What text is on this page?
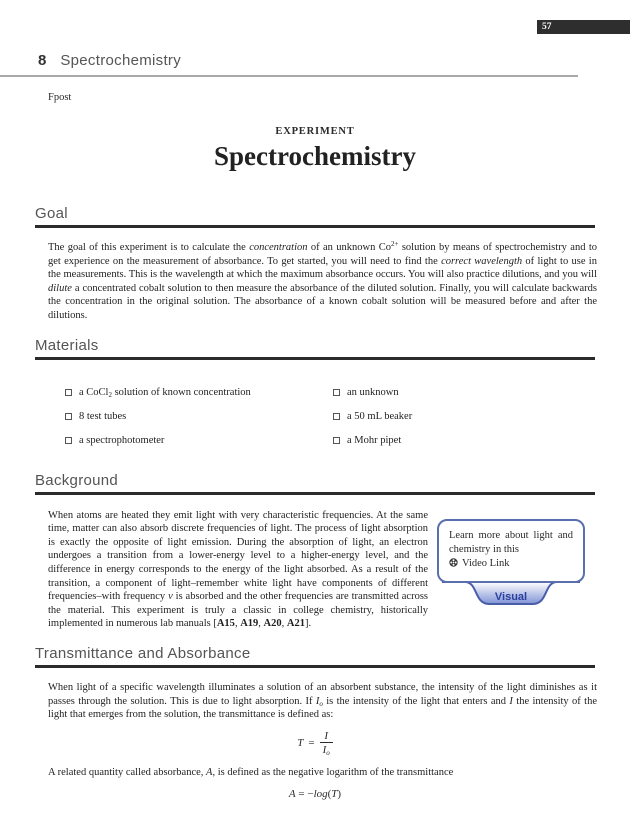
57
8 Spectrochemistry
Fpost
EXPERIMENT
Spectrochemistry
Goal

The goal of this experiment is to calculate the concentration of an unknown $Co^{2+}$ solution by means of spectrochemistry and to get experience on the measurement of absorbance. To get started, you will need to find the correct wavelength of light to use in the measurements. This is the wavelength at which the maximum absorbance occurs. You will also practice dilutions, and you will dilute a concentrated cobalt solution to then measure the absorbance of the diluted solution. Finally, you will calculate backwards the concentration in the original solution. The absorbance of a known cobalt solution will be measured before and after the dilutions.

Materials
a CoCl$_2$ solution of known concentration
8 test tubes
a spectrophotometer
an unknown
a 50 mL beaker
a Mohr pipet
Background

When atoms are heated they emit light with very characteristic frequencies. At the same time, matter can also absorb discrete frequencies of light. The process of light absorption is exactly the opposite of light emission. During the absorption of light, an electron undergoes a transition from a lower-energy level to a higher-energy level, and the difference in energy corresponds to the energy of the light absorbed. As a result of the transition, a component of light–remember white light have components of different frequencies–with frequency ν is absorbed and the other frequencies are transmitted across the material. This experiment is truly a classic in college chemistry, historically implemented in numerous lab manuals [A15, A19, A20, A21].

Learn more about light and chemistry in this
Video Link
Visual
Transmittance and Absorbance

When light of a specific wavelength illuminates a solution of an absorbent substance, the intensity of the light diminishes as it passes through the solution. This is due to light absorption. If $I_o$ is the intensity of the light that enters and I the intensity of the light that emerges from the solution, the transmittance is defined as:

$T = \frac{I}{I_o}$

A related quantity called absorbance, A, is defined as the negative logarithm of the transmittance

A = −log(T)
